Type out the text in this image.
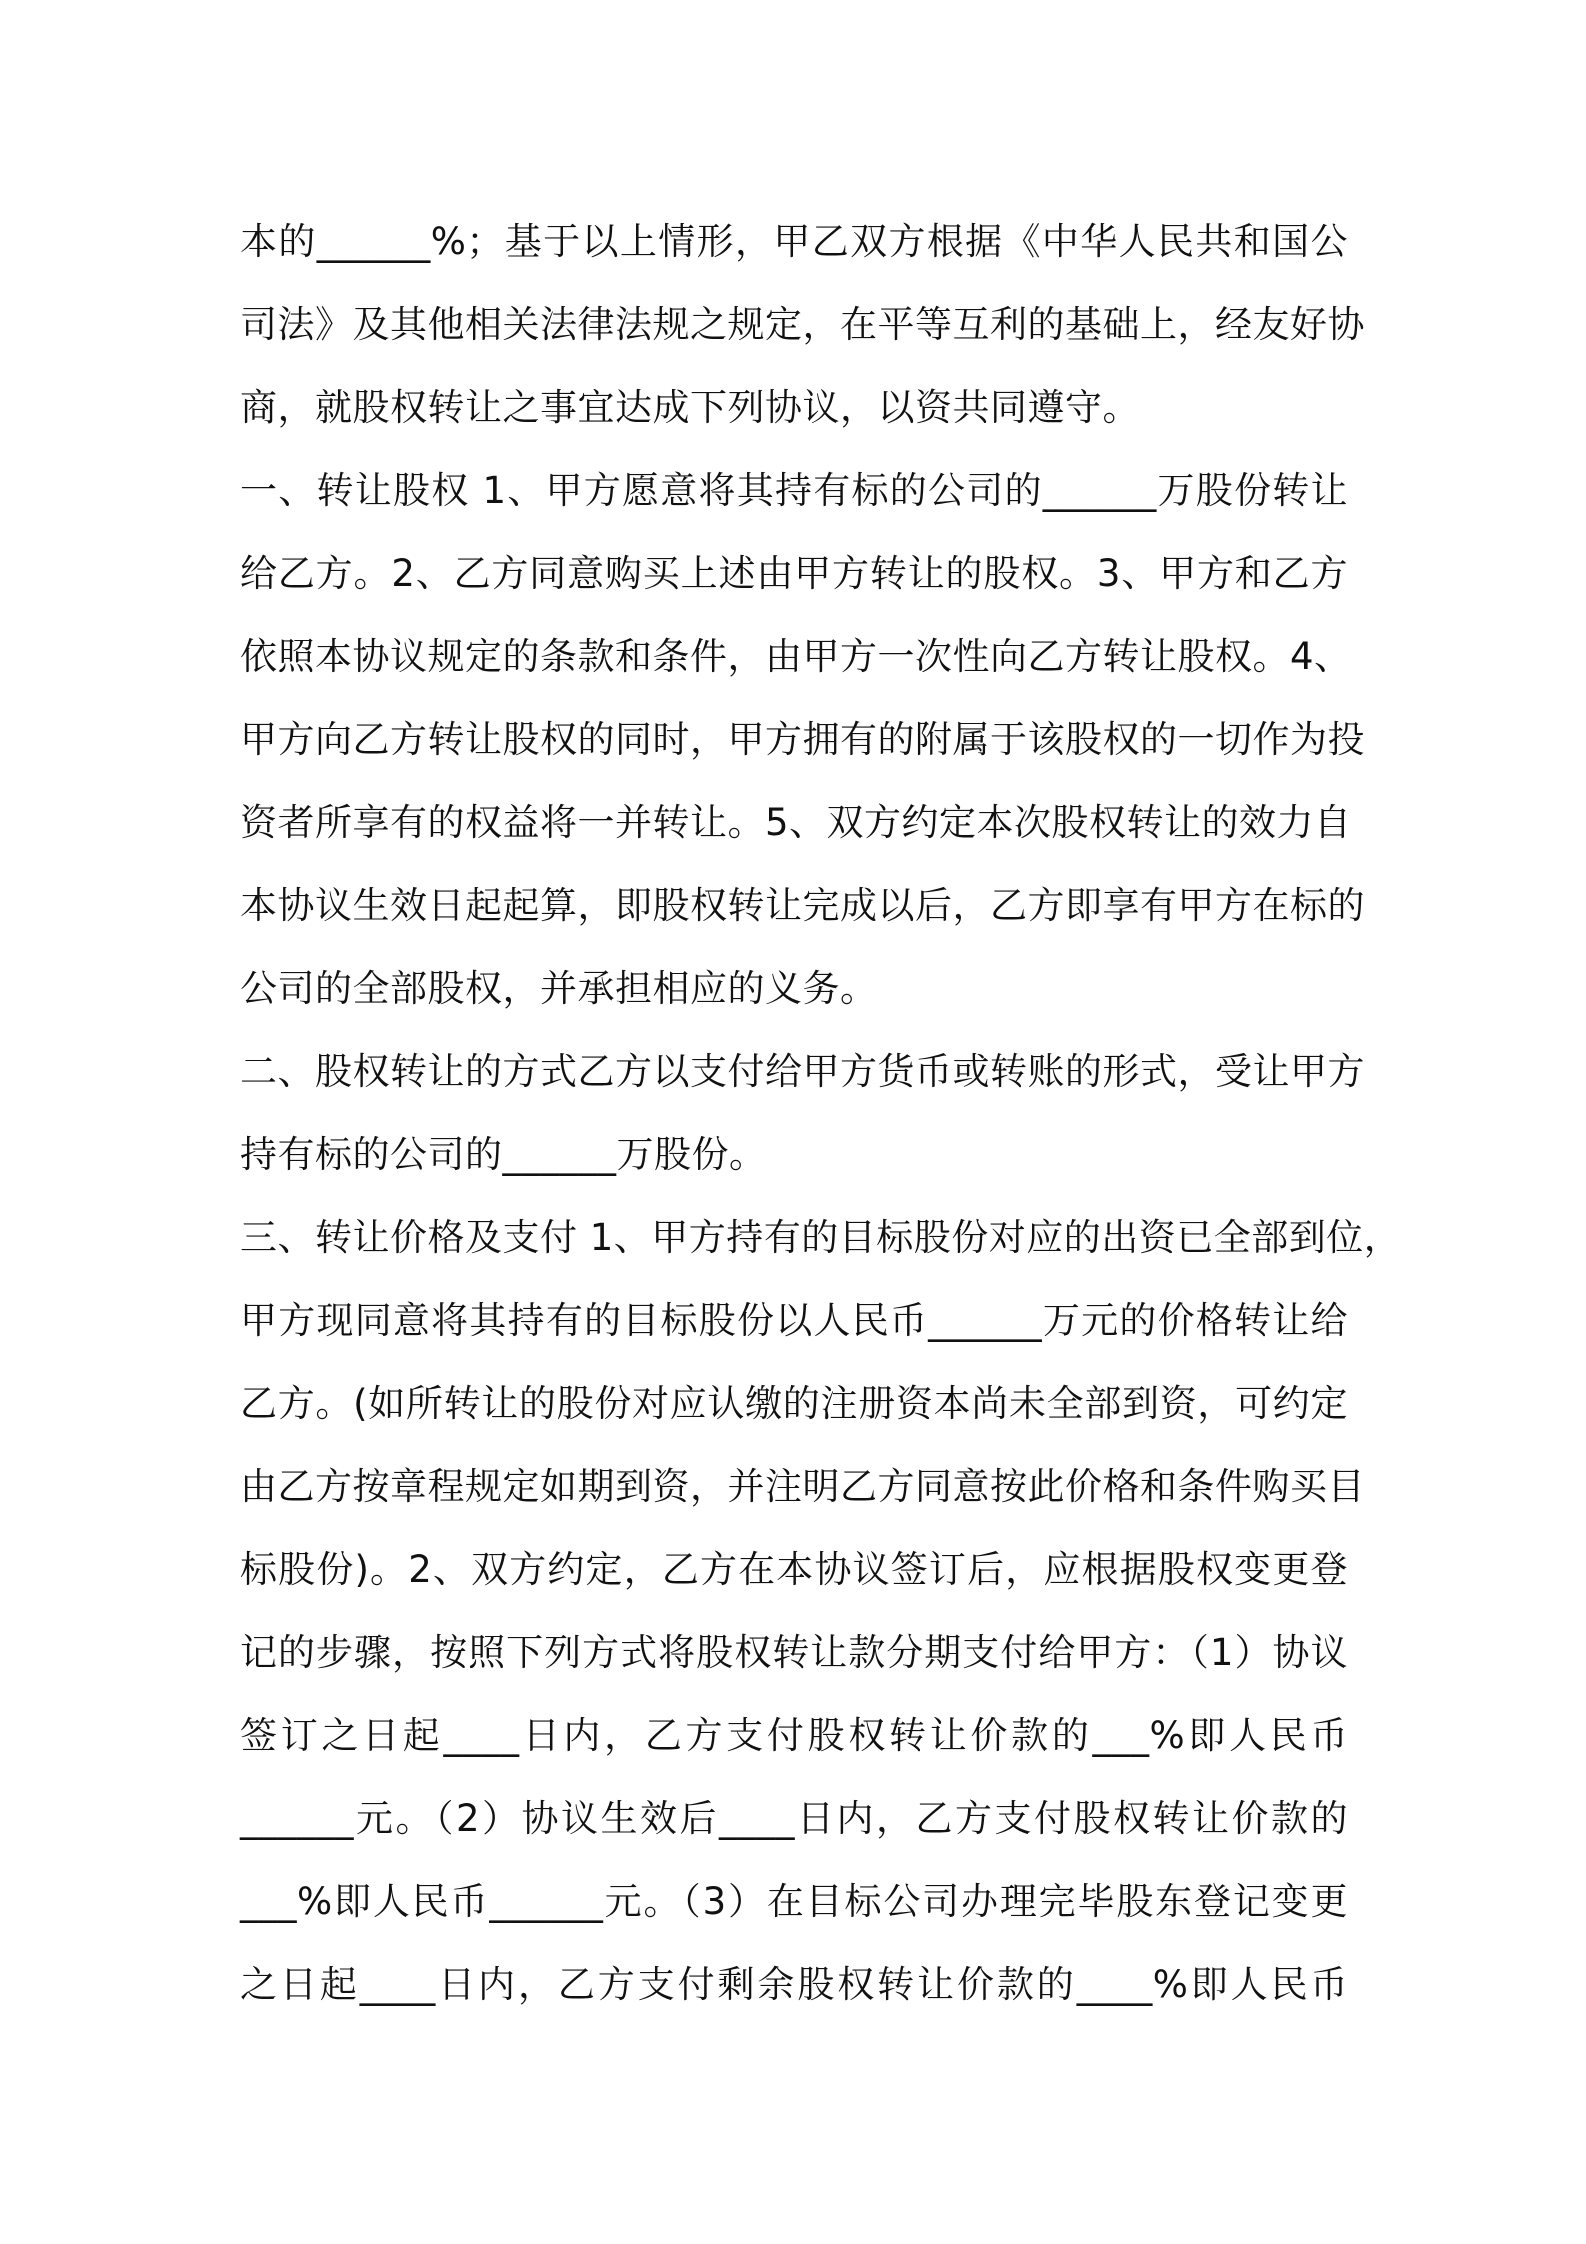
本的______%；基于以上情形，甲乙双方根据《中华人民共和国公
司法》及其他相关法律法规之规定，在平等互利的基础上，经友好协
商，就股权转让之事宜达成下列协议，以资共同遵守。
一、转让股权 1、甲方愿意将其持有标的公司的______万股份转让
给乙方。2、乙方同意购买上述由甲方转让的股权。3、甲方和乙方
依照本协议规定的条款和条件，由甲方一次性向乙方转让股权。4、
甲方向乙方转让股权的同时，甲方拥有的附属于该股权的一切作为投
资者所享有的权益将一并转让。5、双方约定本次股权转让的效力自
本协议生效日起起算，即股权转让完成以后，乙方即享有甲方在标的
公司的全部股权，并承担相应的义务。
二、股权转让的方式乙方以支付给甲方货币或转账的形式，受让甲方
持有标的公司的______万股份。
三、转让价格及支付 1、甲方持有的目标股份对应的出资已全部到位，
甲方现同意将其持有的目标股份以人民币______万元的价格转让给
乙方。(如所转让的股份对应认缴的注册资本尚未全部到资，可约定
由乙方按章程规定如期到资，并注明乙方同意按此价格和条件购买目
标股份)。2、双方约定，乙方在本协议签订后，应根据股权变更登
记的步骤，按照下列方式将股权转让款分期支付给甲方：（1）协议
签订之日起____日内，乙方支付股权转让价款的___%即人民币
______元。（2）协议生效后____日内，乙方支付股权转让价款的
___%即人民币______元。（3）在目标公司办理完毕股东登记变更
之日起____日内，乙方支付剩余股权转让价款的____%即人民币
